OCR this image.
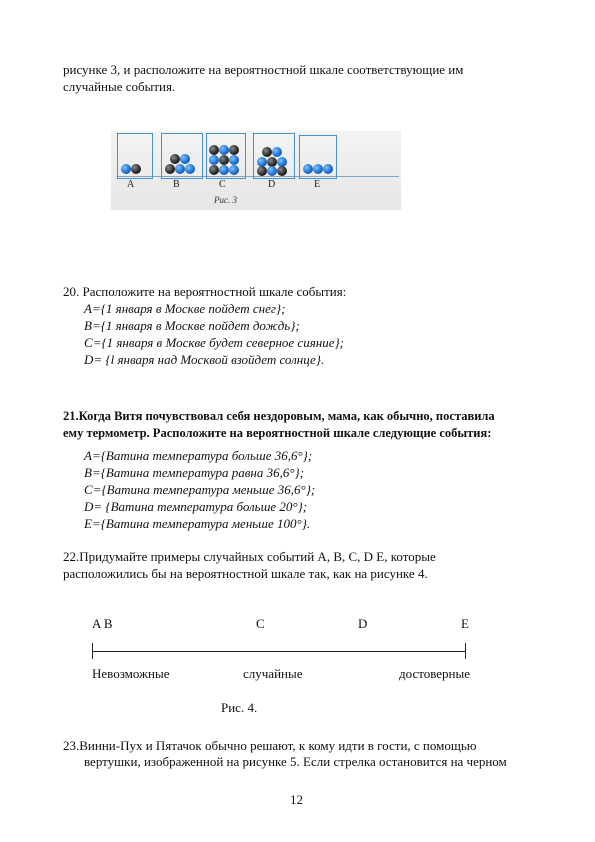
рисунке 3, и расположите на вероятностной шкале соответствующие им
случайные события.
A	B	C	D	E
Рис. 3
20. Расположите на вероятностной шкале события:
A={1 января в Москве пойдет снег};
B={1 января в Москве пойдет дождь};
C={1 января в Москве будет северное сияние};
D= {l января над Москвой взойдет солнце}.
21.Когда Витя почувствовал себя нездоровым, мама, как обычно, поставила
ему термометр. Расположите на вероятностной шкале следующие события:
A={Ватина температура больше 36,6°};
B={Ватина температура равна 36,6°};
C={Ватина температура меньше 36,6°};
D= {Ватина температура больше 20°};
E={Ватина температура меньше 100°}.
22.Придумайте примеры случайных событий A, B, C, D E, которые
расположились бы на вероятностной шкале так, как на рисунке 4.
A B	C	D	E
Невозможные	случайные	достоверные
Рис. 4.
23.Винни-Пух и Пятачок обычно решают, к кому идти в гости, с помощью
вертушки, изображенной на рисунке 5. Если стрелка остановится на черном
12
